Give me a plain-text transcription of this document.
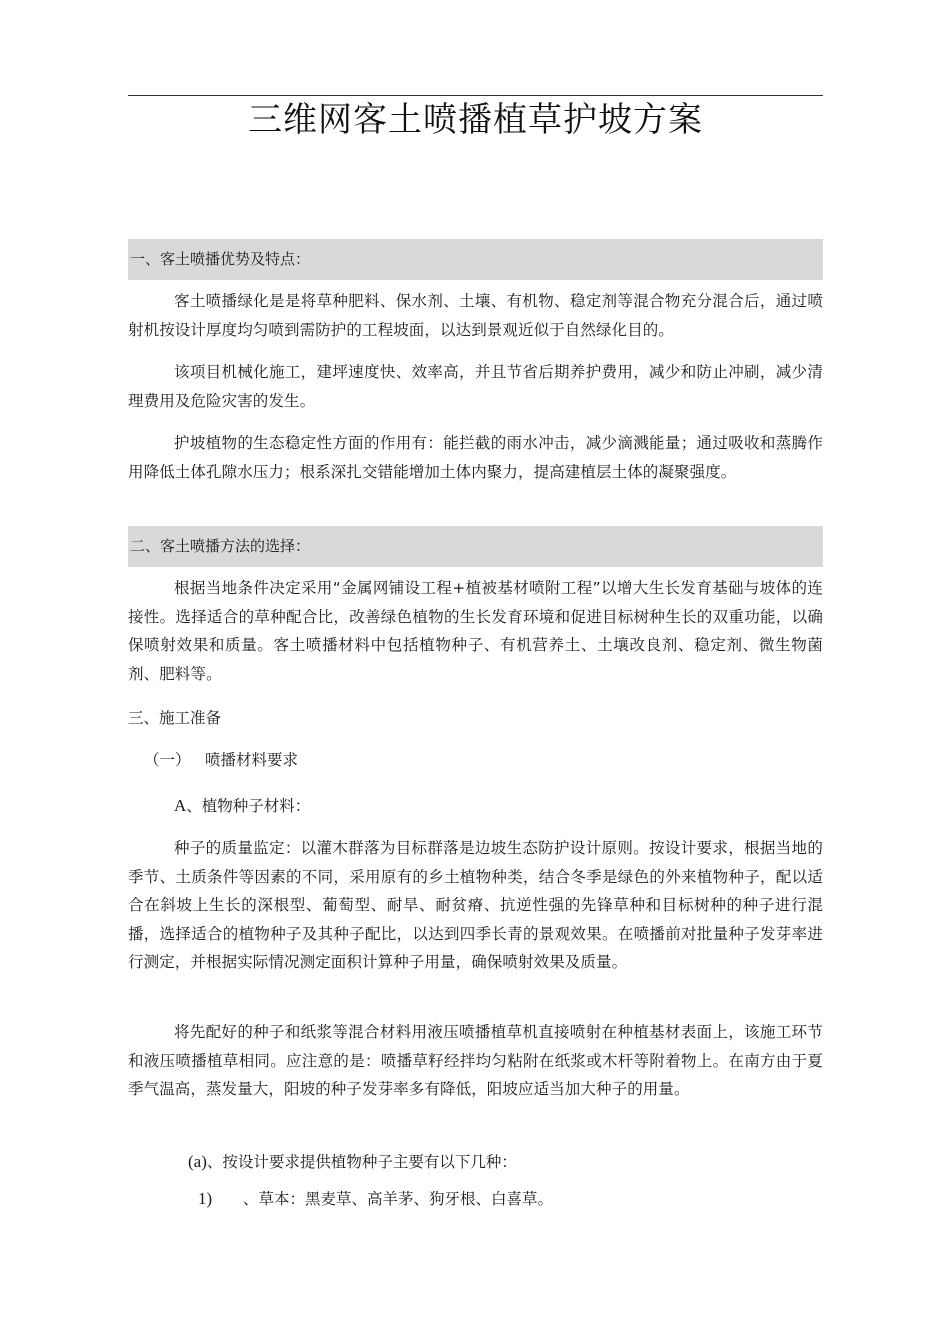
三维网客土喷播植草护坡方案
一、客土喷播优势及特点：
客土喷播绿化是是将草种肥料、保水剂、土壤、有机物、稳定剂等混合物充分混合后，通过喷射机按设计厚度均匀喷到需防护的工程坡面，以达到景观近似于自然绿化目的。
该项目机械化施工，建坪速度快、效率高，并且节省后期养护费用，减少和防止冲刷，减少清理费用及危险灾害的发生。
护坡植物的生态稳定性方面的作用有：能拦截的雨水冲击，减少滴溅能量；通过吸收和蒸腾作用降低土体孔隙水压力；根系深扎交错能增加土体内聚力，提高建植层土体的凝聚强度。
二、客土喷播方法的选择：
根据当地条件决定采用“金属网铺设工程+植被基材喷附工程”以增大生长发育基础与坡体的连接性。选择适合的草种配合比，改善绿色植物的生长发育环境和促进目标树种生长的双重功能，以确保喷射效果和质量。客土喷播材料中包括植物种子、有机营养土、土壤改良剂、稳定剂、微生物菌剂、肥料等。
三、施工准备
（一） 喷播材料要求
A、植物种子材料：
种子的质量监定：以灌木群落为目标群落是边坡生态防护设计原则。按设计要求，根据当地的季节、土质条件等因素的不同，采用原有的乡土植物种类，结合冬季是绿色的外来植物种子，配以适合在斜坡上生长的深根型、葡萄型、耐旱、耐贫瘠、抗逆性强的先锋草种和目标树种的种子进行混播，选择适合的植物种子及其种子配比，以达到四季长青的景观效果。在喷播前对批量种子发芽率进行测定，并根据实际情况测定面积计算种子用量，确保喷射效果及质量。
将先配好的种子和纸浆等混合材料用液压喷播植草机直接喷射在种植基材表面上，该施工环节和液压喷播植草相同。应注意的是：喷播草籽经拌均匀粘附在纸浆或木杆等附着物上。在南方由于夏季气温高，蒸发量大，阳坡的种子发芽率多有降低，阳坡应适当加大种子的用量。
(a)、按设计要求提供植物种子主要有以下几种：
1) 、草本：黑麦草、高羊茅、狗牙根、白喜草。
